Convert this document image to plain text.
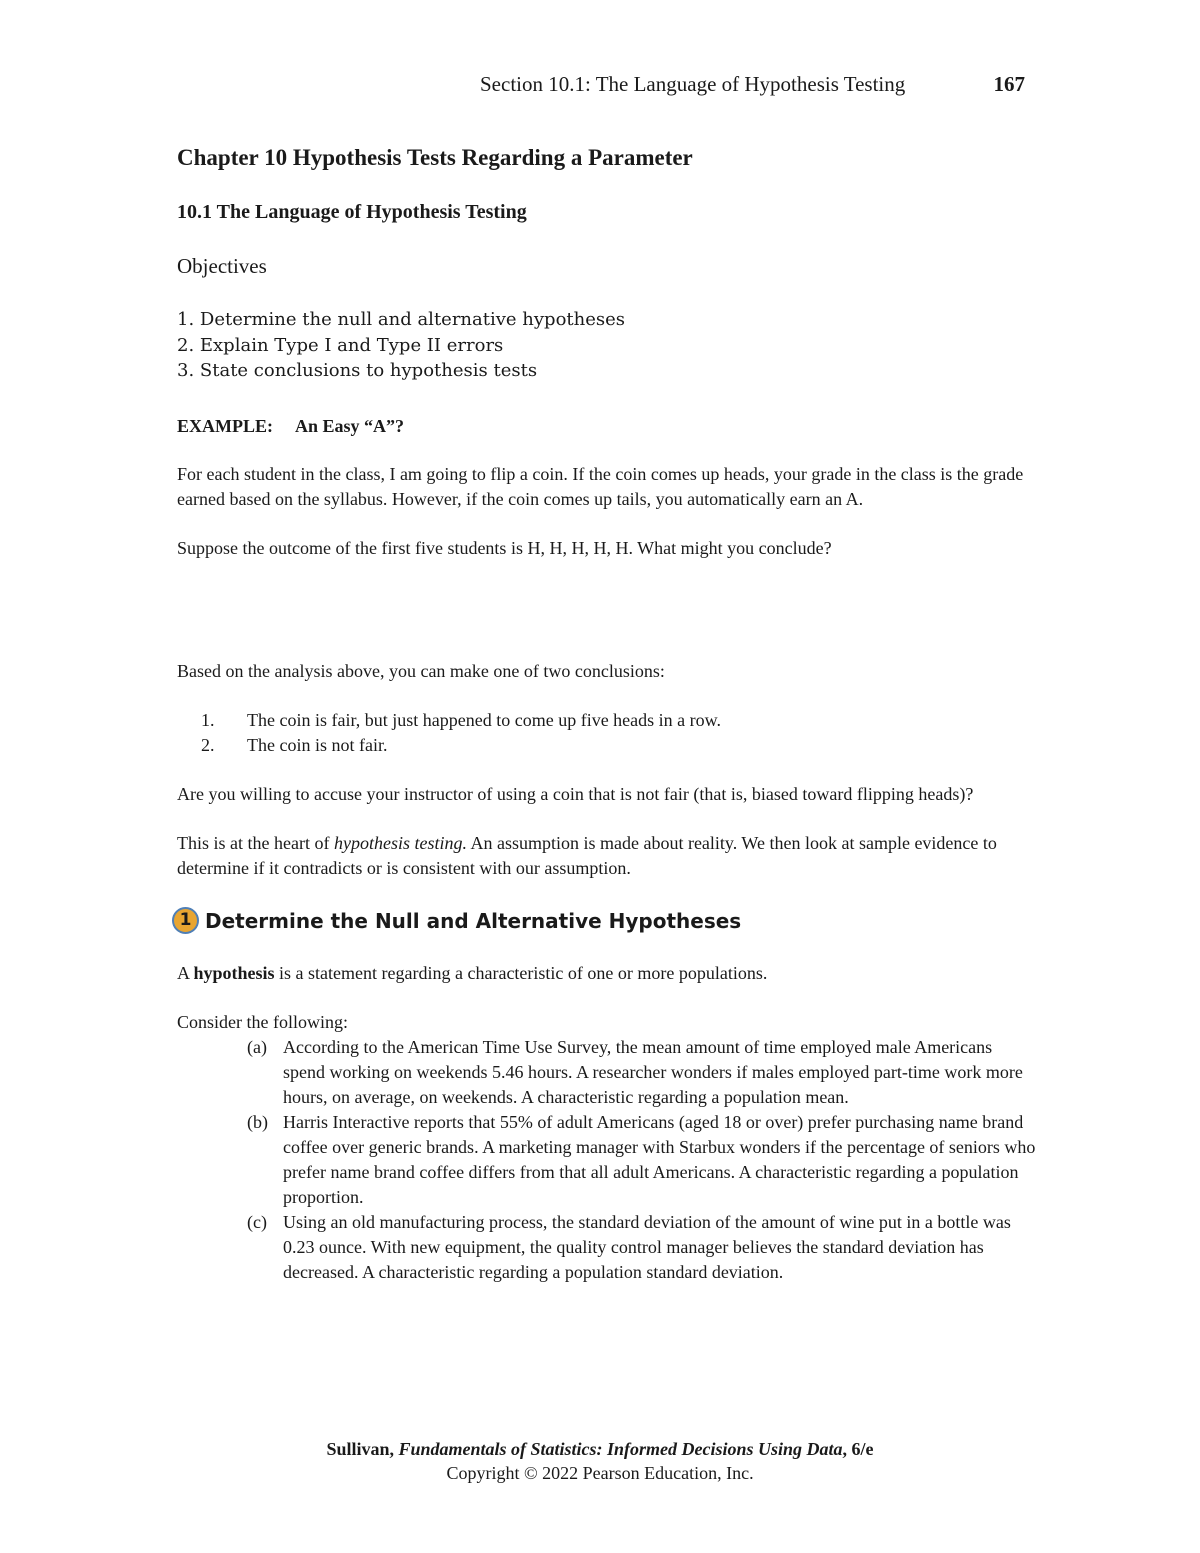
Section 10.1: The Language of Hypothesis Testing	167
Chapter 10 Hypothesis Tests Regarding a Parameter
10.1 The Language of Hypothesis Testing
Objectives
1. Determine the null and alternative hypotheses
2. Explain Type I and Type II errors
3. State conclusions to hypothesis tests
EXAMPLE: An Easy “A”?

For each student in the class, I am going to flip a coin. If the coin comes up heads, your grade in the class is the grade earned based on the syllabus. However, if the coin comes up tails, you automatically earn an A.

Suppose the outcome of the first five students is H, H, H, H, H. What might you conclude?

Based on the analysis above, you can make one of two conclusions:

1. The coin is fair, but just happened to come up five heads in a row.
2. The coin is not fair.

Are you willing to accuse your instructor of using a coin that is not fair (that is, biased toward flipping heads)?

This is at the heart of hypothesis testing. An assumption is made about reality. We then look at sample evidence to determine if it contradicts or is consistent with our assumption.

1 Determine the Null and Alternative Hypotheses

A hypothesis is a statement regarding a characteristic of one or more populations.

Consider the following:

(a) According to the American Time Use Survey, the mean amount of time employed male Americans spend working on weekends 5.46 hours. A researcher wonders if males employed part-time work more hours, on average, on weekends. A characteristic regarding a population mean.
(b) Harris Interactive reports that 55% of adult Americans (aged 18 or over) prefer purchasing name brand coffee over generic brands. A marketing manager with Starbux wonders if the percentage of seniors who prefer name brand coffee differs from that all adult Americans. A characteristic regarding a population proportion.
(c) Using an old manufacturing process, the standard deviation of the amount of wine put in a bottle was 0.23 ounce. With new equipment, the quality control manager believes the standard deviation has decreased. A characteristic regarding a population standard deviation.
Sullivan, Fundamentals of Statistics: Informed Decisions Using Data, 6/e
Copyright © 2022 Pearson Education, Inc.
